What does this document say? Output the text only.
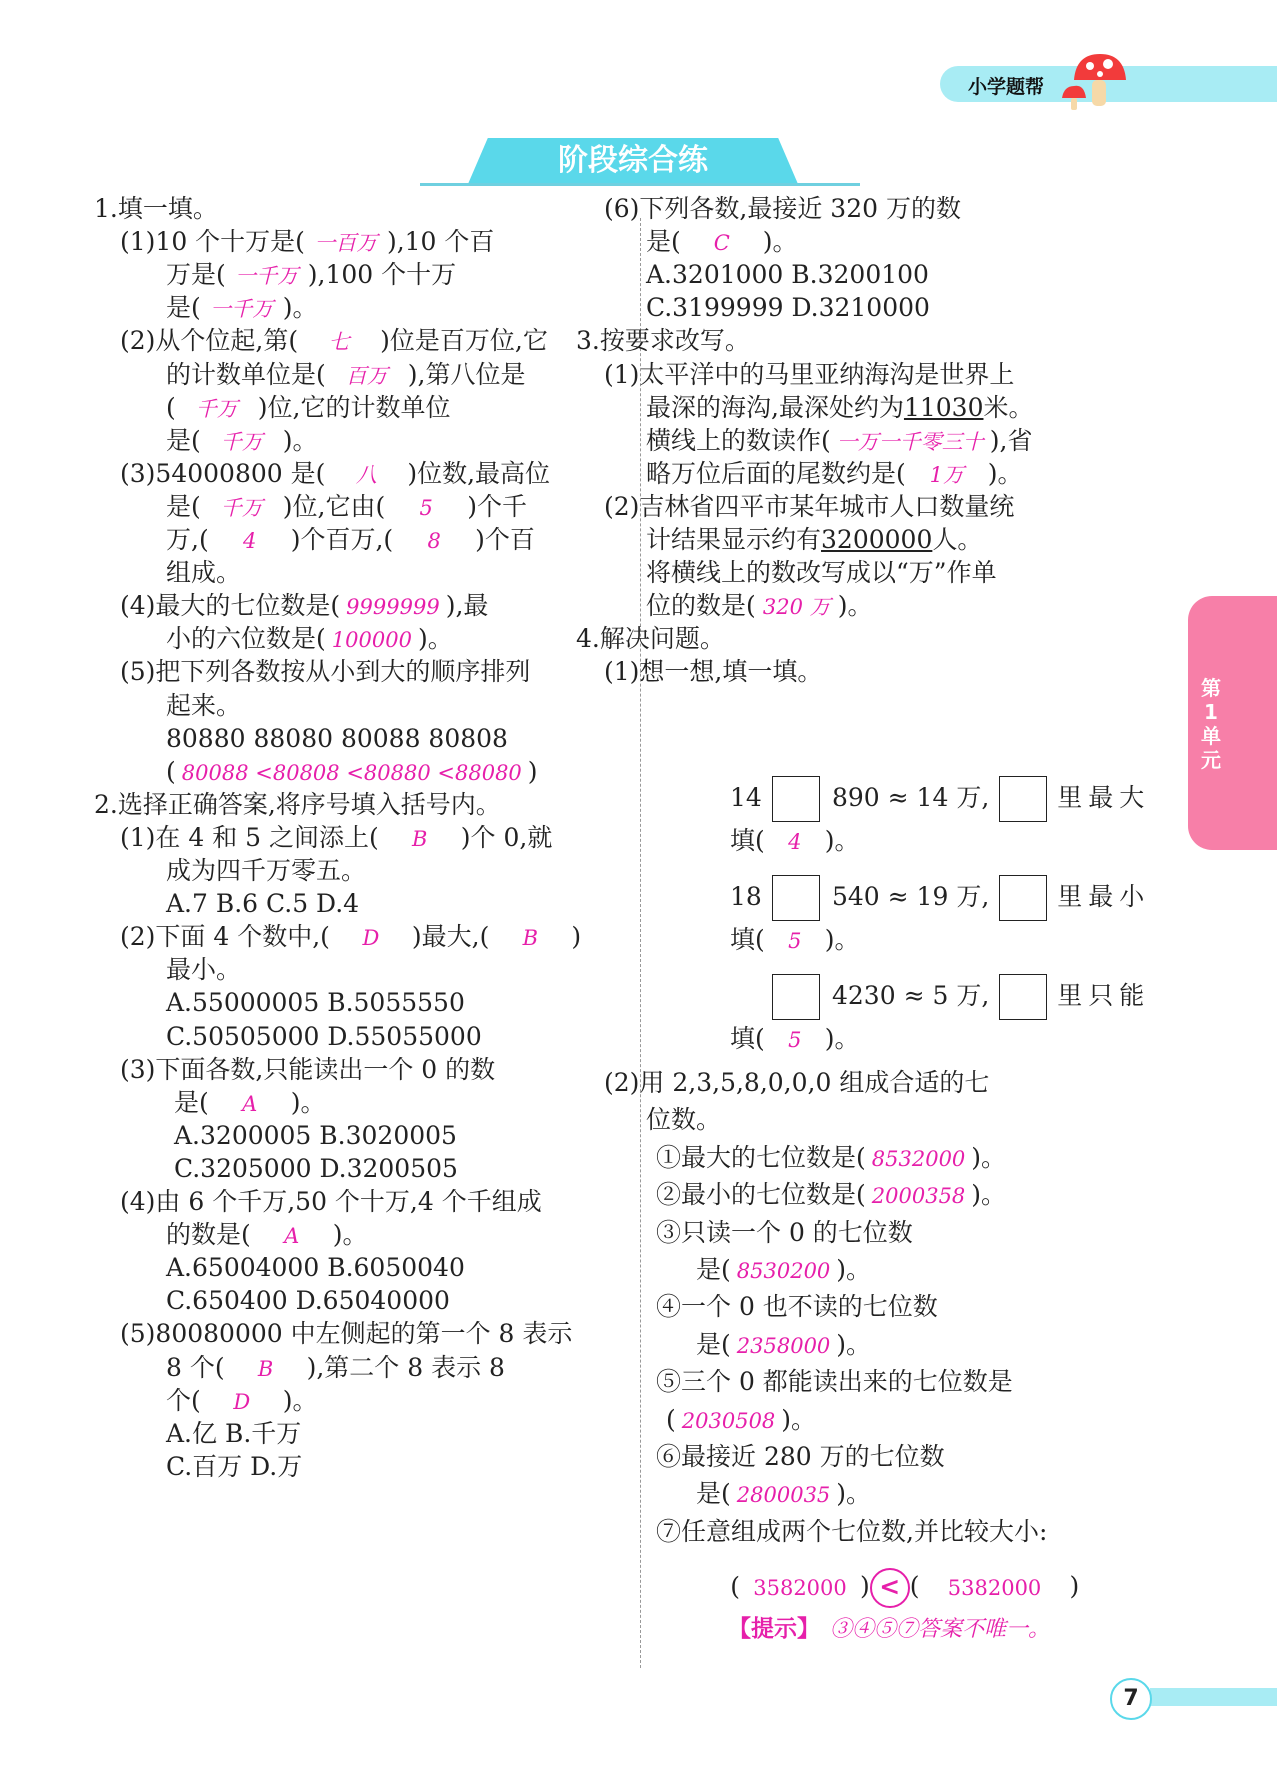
小学题帮
阶段综合练
第1单元
7
1.填一填。
(1)10 个十万是( 一百万 ),10 个百
万是( 一千万 ),100 个十万
是( 一千万 )。
(2)从个位起,第( 七 )位是百万位,它
的计数单位是( 百万 ),第八位是
( 千万 )位,它的计数单位
是( 千万 )。
(3)54000800 是( 八 )位数,最高位
是( 千万 )位,它由( 5 )个千
万,( 4 )个百万,( 8 )个百
组成。
(4)最大的七位数是( 9999999 ),最
小的六位数是( 100000 )。
(5)把下列各数按从小到大的顺序排列
起来。
80880 88080 80088 80808
( 80088 <80808 <80880 <88080 )
2.选择正确答案,将序号填入括号内。
(1)在 4 和 5 之间添上( B )个 0,就
成为四千万零五。
A.7 B.6 C.5 D.4
(2)下面 4 个数中,( D )最大,( B )
最小。
A.55000005 B.5055550
C.50505000 D.55055000
(3)下面各数,只能读出一个 0 的数
是( A )。
A.3200005 B.3020005
C.3205000 D.3200505
(4)由 6 个千万,50 个十万,4 个千组成
的数是( A )。
A.65004000 B.6050040
C.650400 D.65040000
(5)80080000 中左侧起的第一个 8 表示
8 个( B ),第二个 8 表示 8
个( D )。
A.亿 B.千万
C.百万 D.万
(6)下列各数,最接近 320 万的数
是( C )。
A.3201000 B.3200100
C.3199999 D.3210000
3.按要求改写。
(1)太平洋中的马里亚纳海沟是世界上
最深的海沟,最深处约为11030米。
横线上的数读作( 一万一千零三十 ),省
略万位后面的尾数约是( 1万 )。
(2)吉林省四平市某年城市人口数量统
计结果显示约有3200000人。
将横线上的数改写成以“万”作单
位的数是( 320 万 )。
4.解决问题。
(1)想一想,填一填。
14	890 ≈ 14 万,	里最大
填( 4 )。
18	540 ≈ 19 万,	里最小
填( 5 )。
4230 ≈ 5 万,	里只能
填( 5 )。
(2)用 2,3,5,8,0,0,0 组成合适的七
位数。
①最大的七位数是( 8532000 )。
②最小的七位数是( 2000358 )。
③只读一个 0 的七位数
是( 8530200 )。
④一个 0 也不读的七位数
是( 2358000 )。
⑤三个 0 都能读出来的七位数是
( 2030508 )。
⑥最接近 280 万的七位数
是( 2800035 )。
⑦任意组成两个七位数,并比较大小:
( 3582000 ) < ( 5382000 )
【提示】 ③④⑤⑦答案不唯一。
